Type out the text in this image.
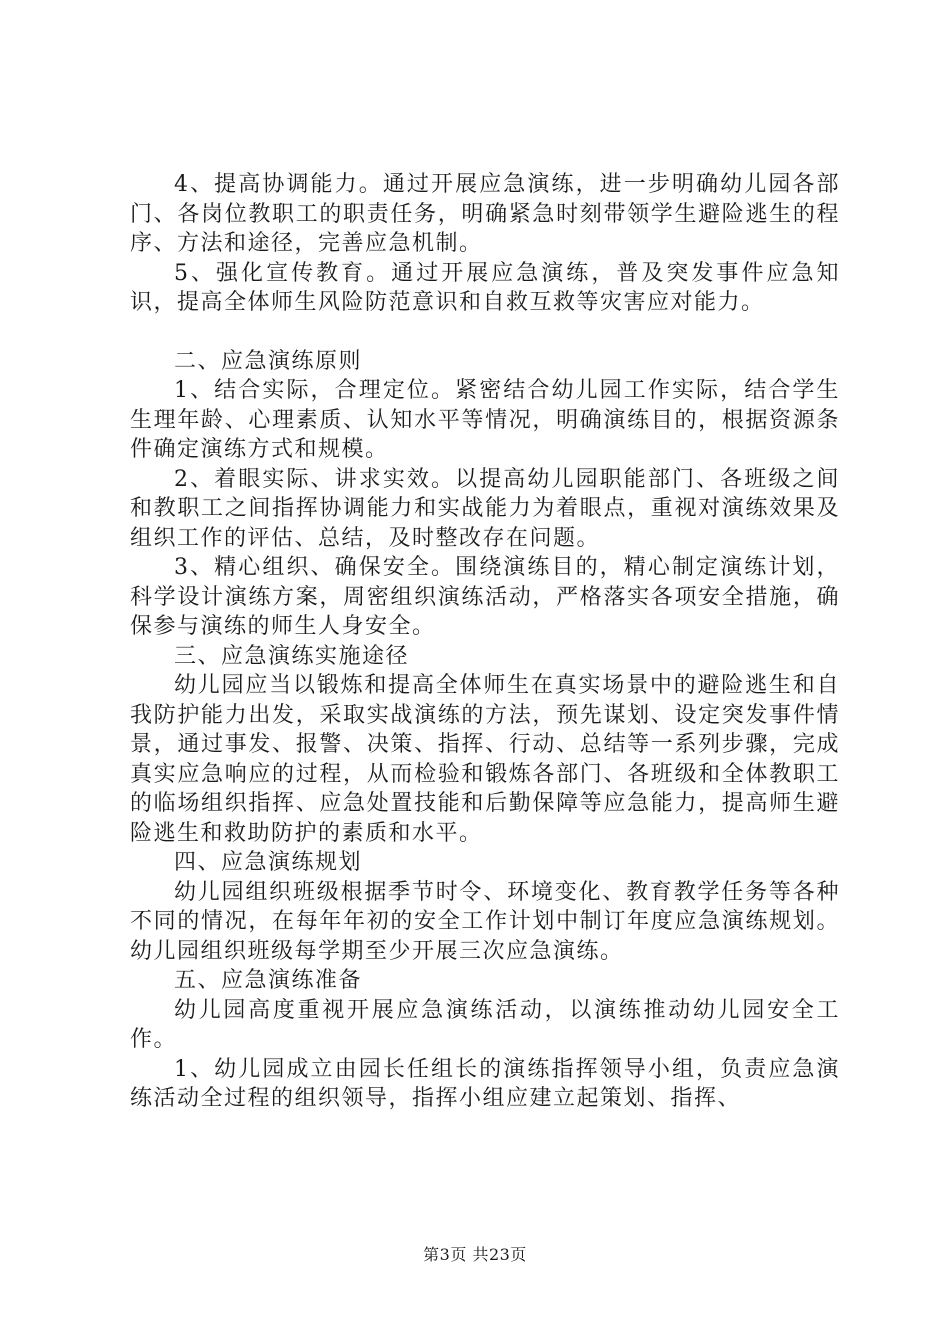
4、提高协调能力。通过开展应急演练，进一步明确幼儿园各部门、各岗位教职工的职责任务，明确紧急时刻带领学生避险逃生的程序、方法和途径，完善应急机制。

5、强化宣传教育。通过开展应急演练，普及突发事件应急知识，提高全体师生风险防范意识和自救互救等灾害应对能力。

二、应急演练原则

1、结合实际，合理定位。紧密结合幼儿园工作实际，结合学生生理年龄、心理素质、认知水平等情况，明确演练目的，根据资源条件确定演练方式和规模。

2、着眼实际、讲求实效。以提高幼儿园职能部门、各班级之间和教职工之间指挥协调能力和实战能力为着眼点，重视对演练效果及组织工作的评估、总结，及时整改存在问题。

3、精心组织、确保安全。围绕演练目的，精心制定演练计划，科学设计演练方案，周密组织演练活动，严格落实各项安全措施，确保参与演练的师生人身安全。

三、应急演练实施途径

幼儿园应当以锻炼和提高全体师生在真实场景中的避险逃生和自我防护能力出发，采取实战演练的方法，预先谋划、设定突发事件情景，通过事发、报警、决策、指挥、行动、总结等一系列步骤，完成真实应急响应的过程，从而检验和锻炼各部门、各班级和全体教职工的临场组织指挥、应急处置技能和后勤保障等应急能力，提高师生避险逃生和救助防护的素质和水平。

四、应急演练规划

幼儿园组织班级根据季节时令、环境变化、教育教学任务等各种不同的情况，在每年年初的安全工作计划中制订年度应急演练规划。幼儿园组织班级每学期至少开展三次应急演练。

五、应急演练准备

幼儿园高度重视开展应急演练活动，以演练推动幼儿园安全工作。

1、幼儿园成立由园长任组长的演练指挥领导小组，负责应急演练活动全过程的组织领导，指挥小组应建立起策划、指挥、

第3页 共23页
